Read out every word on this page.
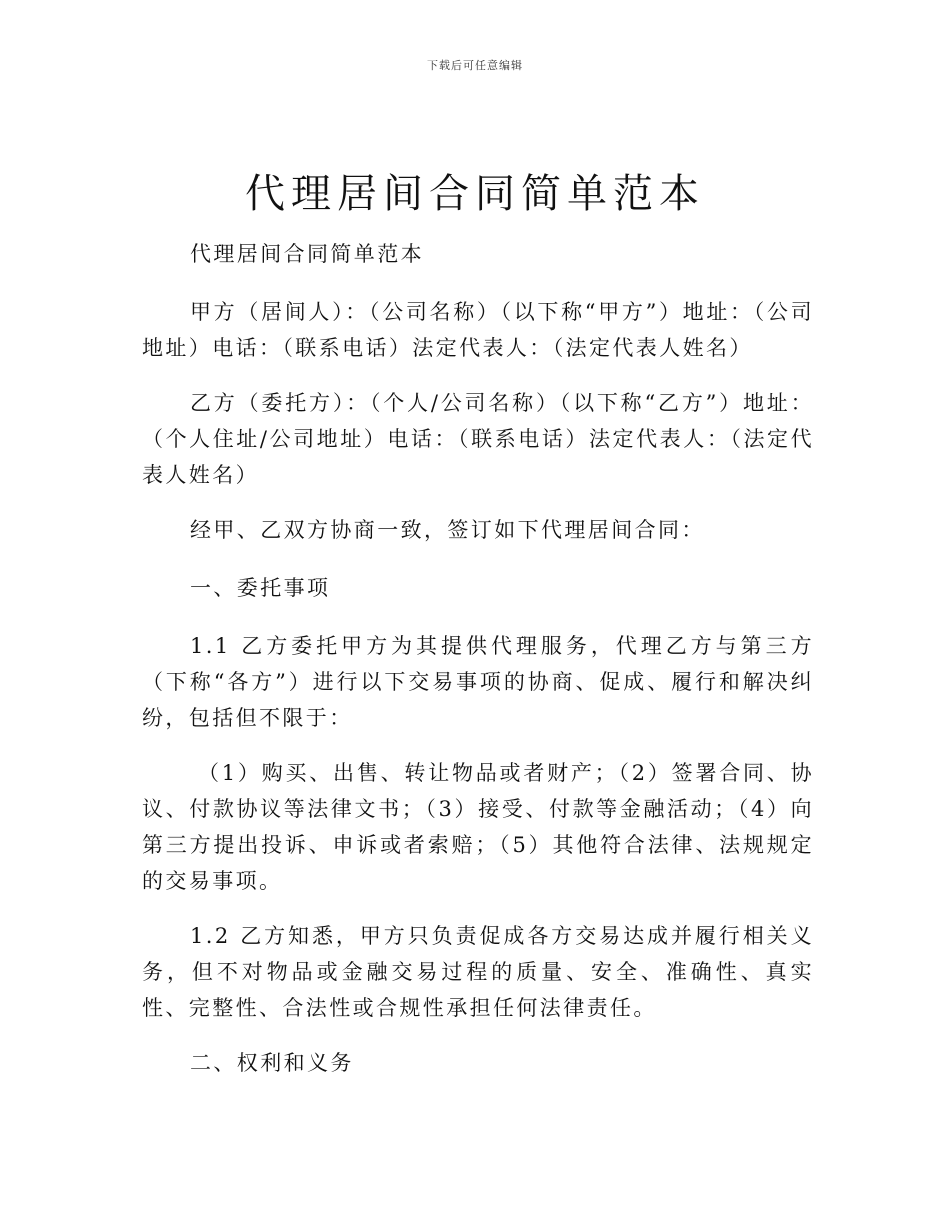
下载后可任意编辑
代理居间合同简单范本

代理居间合同简单范本

甲方（居间人）：（公司名称）（以下称“甲方”）地址：（公司地址）电话：（联系电话）法定代表人：（法定代表人姓名）

乙方（委托方）：（个人/公司名称）（以下称“乙方”）地址：（个人住址/公司地址）电话：（联系电话）法定代表人：（法定代表人姓名）

经甲、乙双方协商一致，签订如下代理居间合同：

一、委托事项

1.1 乙方委托甲方为其提供代理服务，代理乙方与第三方（下称“各方”）进行以下交易事项的协商、促成、履行和解决纠纷，包括但不限于：

（1）购买、出售、转让物品或者财产；（2）签署合同、协议、付款协议等法律文书；（3）接受、付款等金融活动；（4）向第三方提出投诉、申诉或者索赔；（5）其他符合法律、法规规定的交易事项。

1.2 乙方知悉，甲方只负责促成各方交易达成并履行相关义务，但不对物品或金融交易过程的质量、安全、准确性、真实性、完整性、合法性或合规性承担任何法律责任。

二、权利和义务
